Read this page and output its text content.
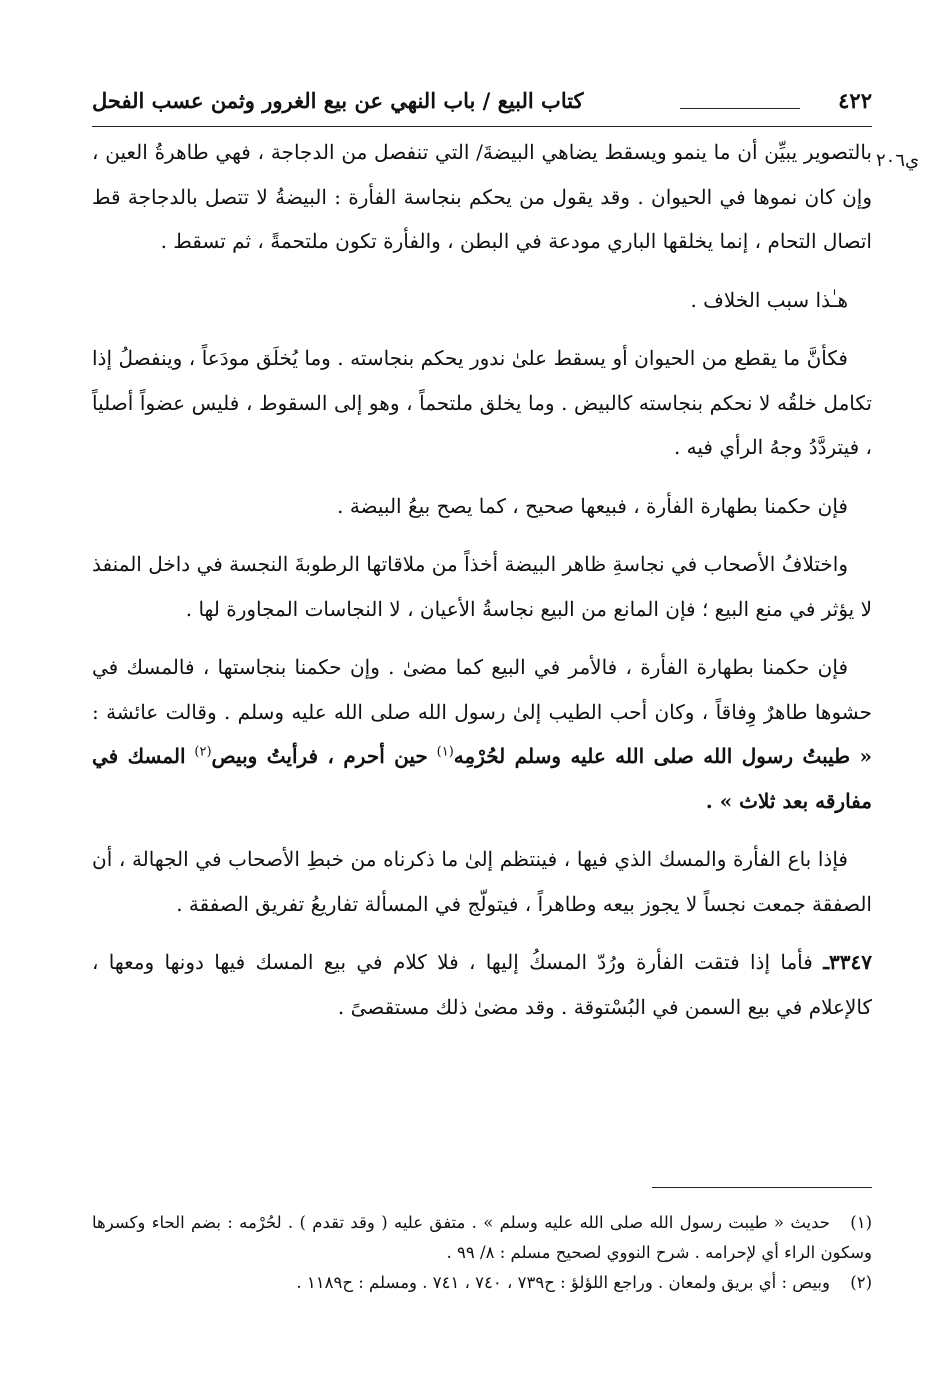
٤٢٢
كتاب البيع / باب النهي عن بيع الغرور وثمن عسب الفحل
ي٢٠٦

بالتصوير يبيِّن أن ما ينمو ويسقط يضاهي البيضةَ/ التي تنفصل من الدجاجة ، فهي طاهرةُ العين ، وإن كان نموها في الحيوان . وقد يقول من يحكم بنجاسة الفأرة : البيضةُ لا تتصل بالدجاجة قط اتصال التحام ، إنما يخلقها الباري مودعة في البطن ، والفأرة تكون ملتحمةً ، ثم تسقط .

هـٰذا سبب الخلاف .

فكأنَّ ما يقطع من الحيوان أو يسقط علىٰ ندور يحكم بنجاسته . وما يُخلَق مودَعاً ، وينفصلُ إذا تكامل خلقُه لا نحكم بنجاسته كالبيض . وما يخلق ملتحماً ، وهو إلى السقوط ، فليس عضواً أصلياً ، فيتردَّدُ وجهُ الرأي فيه .

فإن حكمنا بطهارة الفأرة ، فبيعها صحيح ، كما يصح بيعُ البيضة .

واختلافُ الأصحاب في نجاسةِ ظاهر البيضة أخذاً من ملاقاتها الرطوبةَ النجسة في داخل المنفذ لا يؤثر في منع البيع ؛ فإن المانع من البيع نجاسةُ الأعيان ، لا النجاسات المجاورة لها .

فإن حكمنا بطهارة الفأرة ، فالأمر في البيع كما مضىٰ . وإن حكمنا بنجاستها ، فالمسك في حشوها طاهرٌ وِفاقاً ، وكان أحب الطيب إلىٰ رسول الله صلى الله عليه وسلم . وقالت عائشة : « طيبتُ رسول الله صلى الله عليه وسلم لحُرْمِه$^{(١)}$ حين أحرم ، فرأيتُ وبيص$^{(٢)}$ المسك في مفارقه بعد ثلاث » .

فإذا باع الفأرة والمسك الذي فيها ، فينتظم إلىٰ ما ذكرناه من خبطِ الأصحاب في الجهالة ، أن الصفقة جمعت نجساً لا يجوز بيعه وطاهراً ، فيتولّج في المسألة تفاريعُ تفريق الصفقة .

٣٣٤٧ـ فأما إذا فتقت الفأرة ورُدّ المسكُ إليها ، فلا كلام في بيع المسك فيها دونها ومعها ، كالإعلام في بيع السمن في البُسْتوقة . وقد مضىٰ ذلك مستقصىً .

(١)حديث « طيبت رسول الله صلى الله عليه وسلم » . متفق عليه ( وقد تقدم ) . لحُرْمه : بضم الحاء وكسرها وسكون الراء أي لإحرامه . شرح النووي لصحيح مسلم : ٨/ ٩٩ .
(٢)وبيص : أي بريق ولمعان . وراجع اللؤلؤ : ح٧٣٩ ، ٧٤٠ ، ٧٤١ . ومسلم : ح١١٨٩ .
